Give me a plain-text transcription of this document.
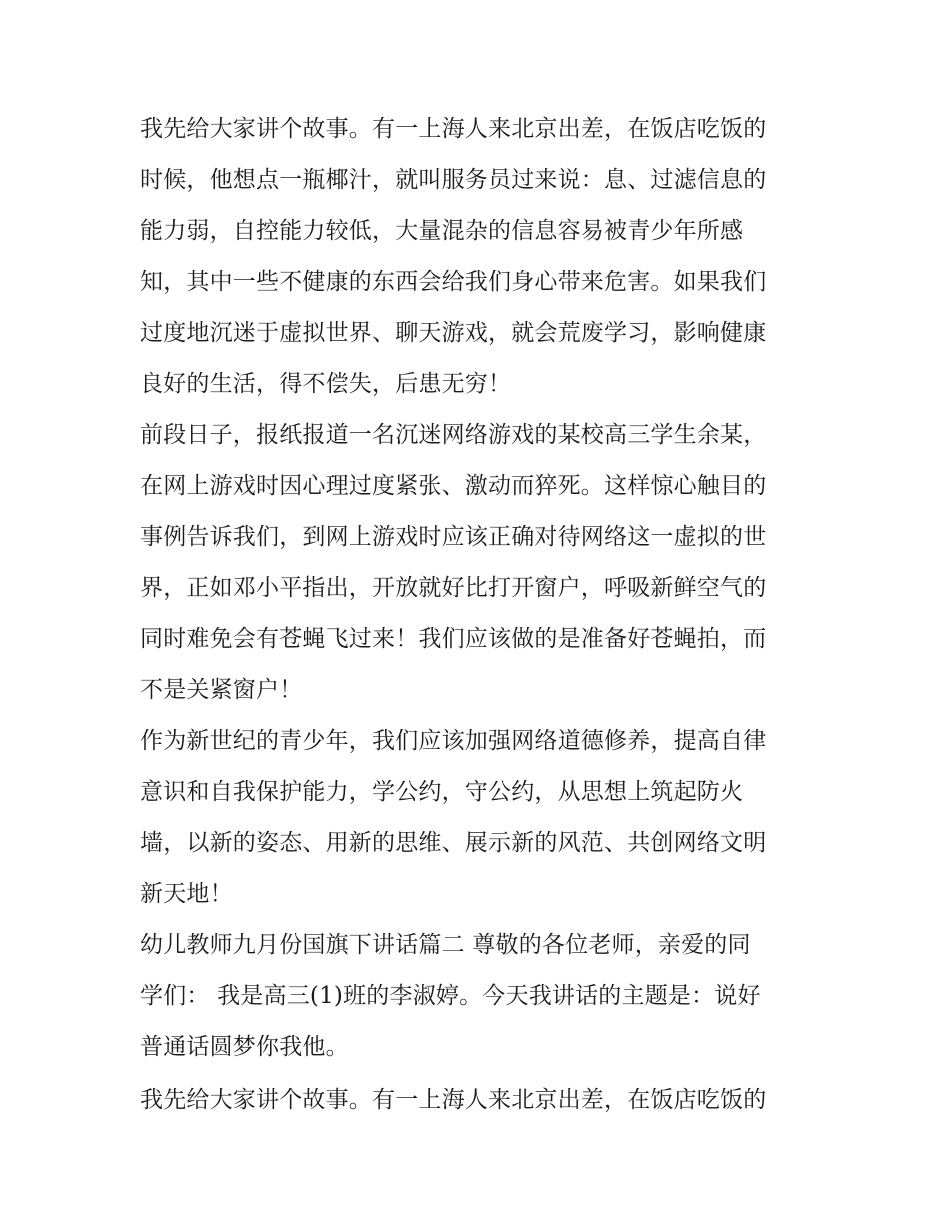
我先给大家讲个故事。有一上海人来北京出差，在饭店吃饭的
时候，他想点一瓶椰汁，就叫服务员过来说：息、过滤信息的
能力弱，自控能力较低，大量混杂的信息容易被青少年所感
知，其中一些不健康的东西会给我们身心带来危害。如果我们
过度地沉迷于虚拟世界、聊天游戏，就会荒废学习，影响健康
良好的生活，得不偿失，后患无穷！
前段日子，报纸报道一名沉迷网络游戏的某校高三学生余某，
在网上游戏时因心理过度紧张、激动而猝死。这样惊心触目的
事例告诉我们，到网上游戏时应该正确对待网络这一虚拟的世
界，正如邓小平指出，开放就好比打开窗户，呼吸新鲜空气的
同时难免会有苍蝇飞过来！我们应该做的是准备好苍蝇拍，而
不是关紧窗户！
作为新世纪的青少年，我们应该加强网络道德修养，提高自律
意识和自我保护能力，学公约，守公约，从思想上筑起防火
墙，以新的姿态、用新的思维、展示新的风范、共创网络文明
新天地！
幼儿教师九月份国旗下讲话篇二 尊敬的各位老师，亲爱的同
学们： 我是高三(1)班的李淑婷。今天我讲话的主题是：说好
普通话圆梦你我他。
我先给大家讲个故事。有一上海人来北京出差，在饭店吃饭的
